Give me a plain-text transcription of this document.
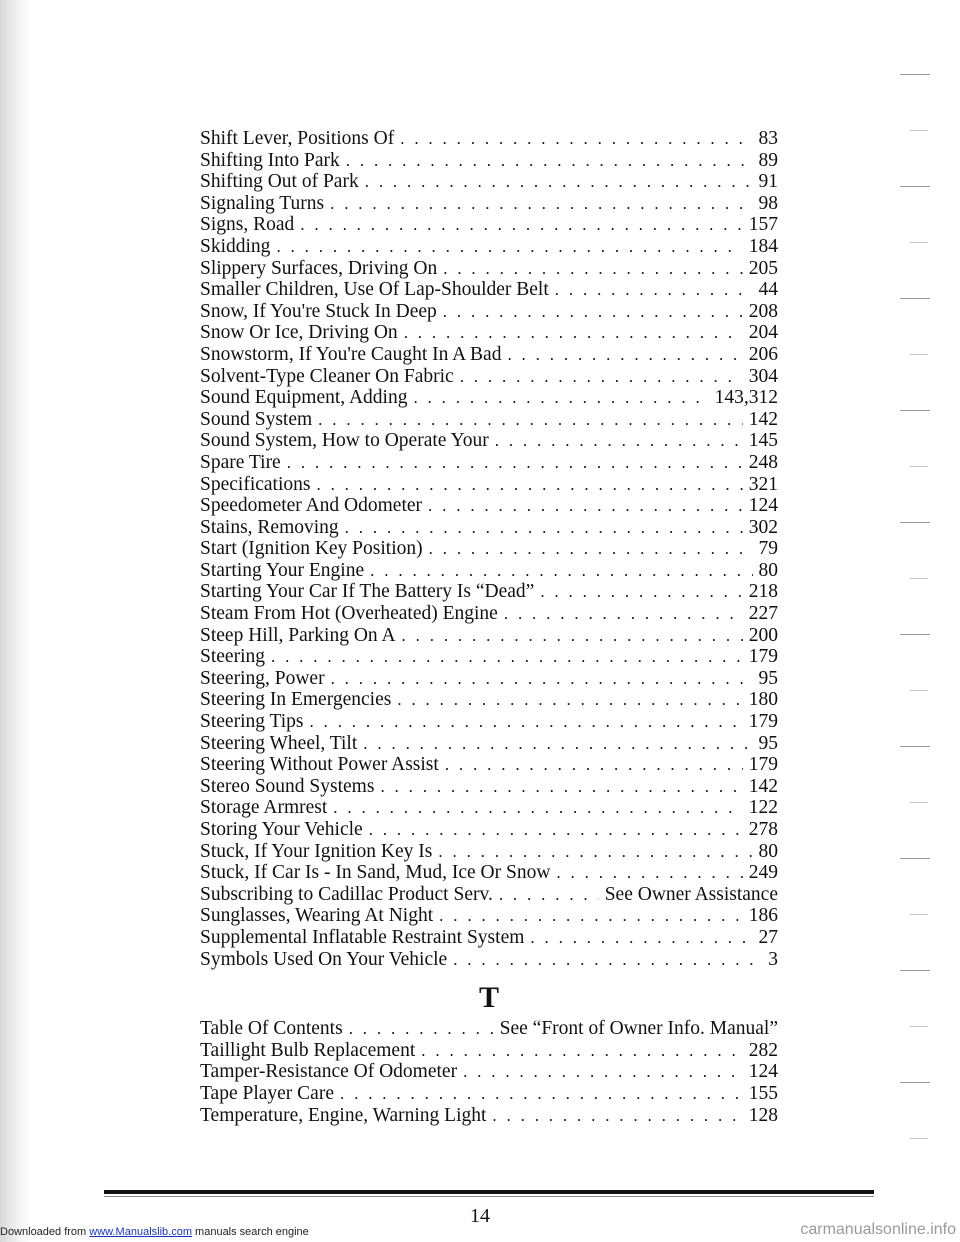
Shift Lever, Positions Of . . .	83
Shifting Into Park . . .	89
Shifting Out of Park . . .	91
Signaling Turns . . .	98
Signs, Road . . .	157
Skidding . . .	184
Slippery Surfaces, Driving On . . .	205
Smaller Children, Use Of Lap-Shoulder Belt . . .	44
Snow, If You're Stuck In Deep . . .	208
Snow Or Ice, Driving On . . .	204
Snowstorm, If You're Caught In A Bad . . .	206
Solvent-Type Cleaner On Fabric . . .	304
Sound Equipment, Adding . . .	143,312
Sound System . . .	142
Sound System, How to Operate Your . . .	145
Spare Tire . . .	248
Specifications . . .	321
Speedometer And Odometer . . .	124
Stains, Removing . . .	302
Start (Ignition Key Position) . . .	79
Starting Your Engine . . .	80
Starting Your Car If The Battery Is “Dead” . . .	218
Steam From Hot (Overheated) Engine . . .	227
Steep Hill, Parking On A . . .	200
Steering . . .	179
Steering, Power . . .	95
Steering In Emergencies . . .	180
Steering Tips . . .	179
Steering Wheel, Tilt . . .	95
Steering Without Power Assist . . .	179
Stereo Sound Systems . . .	142
Storage Armrest . . .	122
Storing Your Vehicle . . .	278
Stuck, If Your Ignition Key Is . . .	80
Stuck, If Car Is - In Sand, Mud, Ice Or Snow . . .	249
Subscribing to Cadillac Product Serv. . . .	See Owner Assistance
Sunglasses, Wearing At Night . . .	186
Supplemental Inflatable Restraint System . . .	27
Symbols Used On Your Vehicle . . .	3
T
Table Of Contents . . .	See “Front of Owner Info. Manual”
Taillight Bulb Replacement . . .	282
Tamper-Resistance Of Odometer . . .	124
Tape Player Care . . .	155
Temperature, Engine, Warning Light . . .	128
14
Downloaded from www.Manualslib.com manuals search engine	carmanualsonline.info
